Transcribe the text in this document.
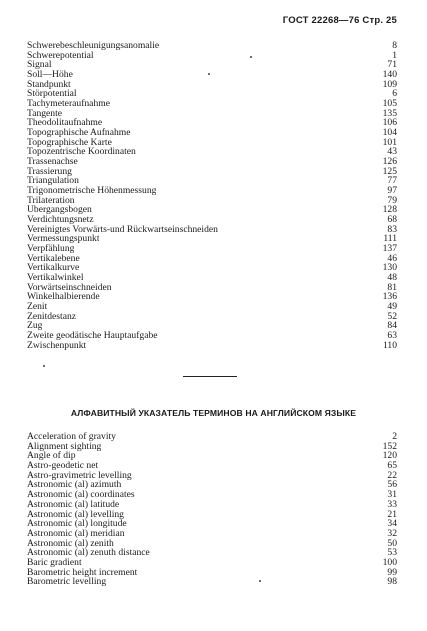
ГОСТ 22268—76 Стр. 25
Schwerebeschleunigungsanomalie	8
Schwerepotential	1
Signal	71
Soll—Höhe	140
Standpunkt	109
Störpotential	6
Tachymeteraufnahme	105
Tangente	135
Theodolitaufnahme	106
Topographische Aufnahme	104
Topographische Karte	101
Topozentrische Koordinaten	43
Trassenachse	126
Trassierung	125
Triangulation	77
Trigonometrische Höhenmessung	97
Trilateration	79
Übergangsbogen	128
Verdichtungsnetz	68
Vereinigtes Vorwärts-und Rückwartseinschneiden	83
Vermessungspunkt	111
Verpfählung	137
Vertikalebene	46
Vertikalkurve	130
Vertikalwinkel	48
Vorwärtseinschneiden	81
Winkelhalbierende	136
Zenit	49
Zenitdestanz	52
Zug	84
Zweite geodätische Hauptaufgabe	63
Zwischenpunkt	110
АЛФАВИТНЫЙ УКАЗАТЕЛЬ ТЕРМИНОВ НА АНГЛИЙСКОМ ЯЗЫКЕ
Acceleration of gravity	2
Alignment sighting	152
Angle of dip	120
Astro-geodetic net	65
Astro-gravimetric levelling	22
Astronomic (al) azimuth	56
Astronomic (al) coordinates	31
Astronomic (al) latitude	33
Astronomic (al) levelling	21
Astronomic (al) longitude	34
Astronomic (al) meridian	32
Astronomic (al) zenith	50
Astronomic (al) zenuth distance	53
Baric gradient	100
Barometric height increment	99
Barometric levelling	98
